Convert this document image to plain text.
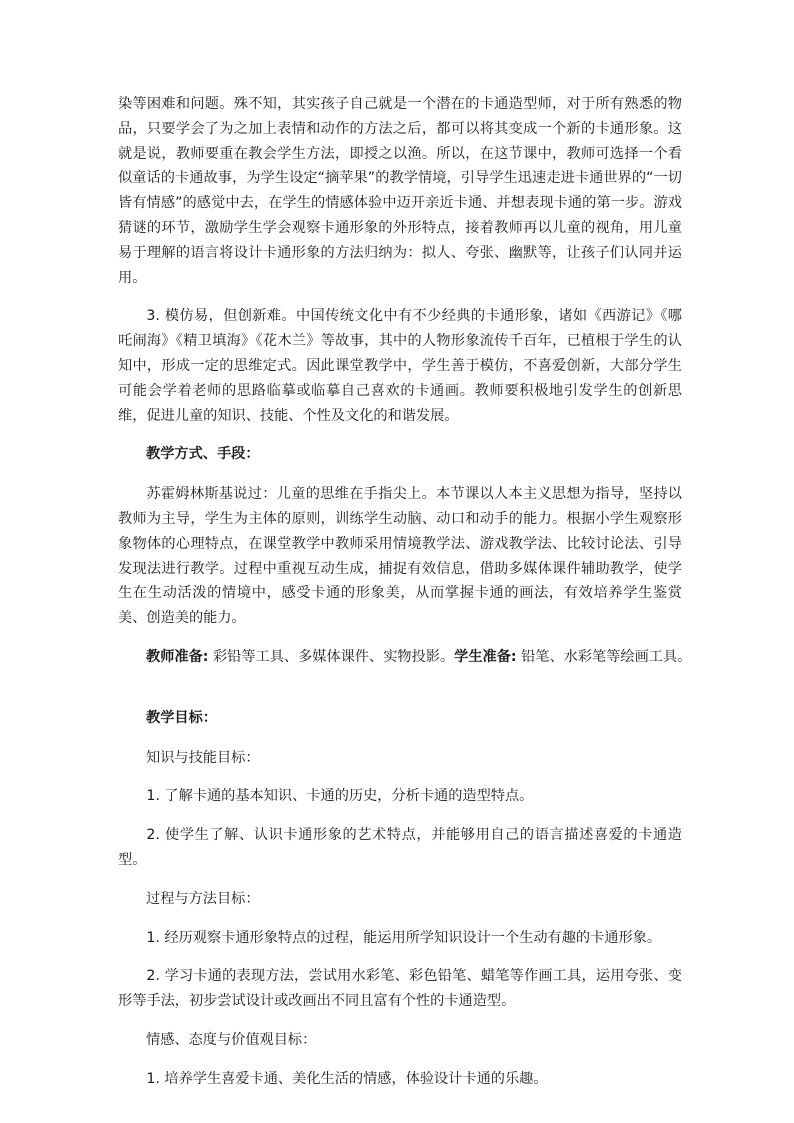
染等困难和问题。殊不知，其实孩子自己就是一个潜在的卡通造型师，对于所有熟悉的物品，只要学会了为之加上表情和动作的方法之后，都可以将其变成一个新的卡通形象。这就是说，教师要重在教会学生方法，即授之以渔。所以，在这节课中，教师可选择一个看似童话的卡通故事，为学生设定“摘苹果”的教学情境，引导学生迅速走进卡通世界的“一切皆有情感”的感觉中去，在学生的情感体验中迈开亲近卡通、并想表现卡通的第一步。游戏猜谜的环节，激励学生学会观察卡通形象的外形特点，接着教师再以儿童的视角，用儿童易于理解的语言将设计卡通形象的方法归纳为：拟人、夸张、幽默等，让孩子们认同并运用。

3. 模仿易，但创新难。中国传统文化中有不少经典的卡通形象，诸如《西游记》《哪吒闹海》《精卫填海》《花木兰》等故事，其中的人物形象流传千百年，已植根于学生的认知中，形成一定的思维定式。因此课堂教学中，学生善于模仿，不喜爱创新，大部分学生可能会学着老师的思路临摹或临摹自己喜欢的卡通画。教师要积极地引发学生的创新思维，促进儿童的知识、技能、个性及文化的和谐发展。

教学方式、手段：

苏霍姆林斯基说过：儿童的思维在手指尖上。本节课以人本主义思想为指导，坚持以教师为主导，学生为主体的原则，训练学生动脑、动口和动手的能力。根据小学生观察形象物体的心理特点，在课堂教学中教师采用情境教学法、游戏教学法、比较讨论法、引导发现法进行教学。过程中重视互动生成，捕捉有效信息，借助多媒体课件辅助教学，使学生在生动活泼的情境中，感受卡通的形象美，从而掌握卡通的画法，有效培养学生鉴赏美、创造美的能力。

教师准备: 彩铅等工具、多媒体课件、实物投影。学生准备: 铅笔、水彩笔等绘画工具。

教学目标：

知识与技能目标：

1. 了解卡通的基本知识、卡通的历史，分析卡通的造型特点。

2. 使学生了解、认识卡通形象的艺术特点，并能够用自己的语言描述喜爱的卡通造型。

过程与方法目标：

1. 经历观察卡通形象特点的过程，能运用所学知识设计一个生动有趣的卡通形象。

2. 学习卡通的表现方法，尝试用水彩笔、彩色铅笔、蜡笔等作画工具，运用夸张、变形等手法，初步尝试设计或改画出不同且富有个性的卡通造型。

情感、态度与价值观目标：

1. 培养学生喜爱卡通、美化生活的情感，体验设计卡通的乐趣。
